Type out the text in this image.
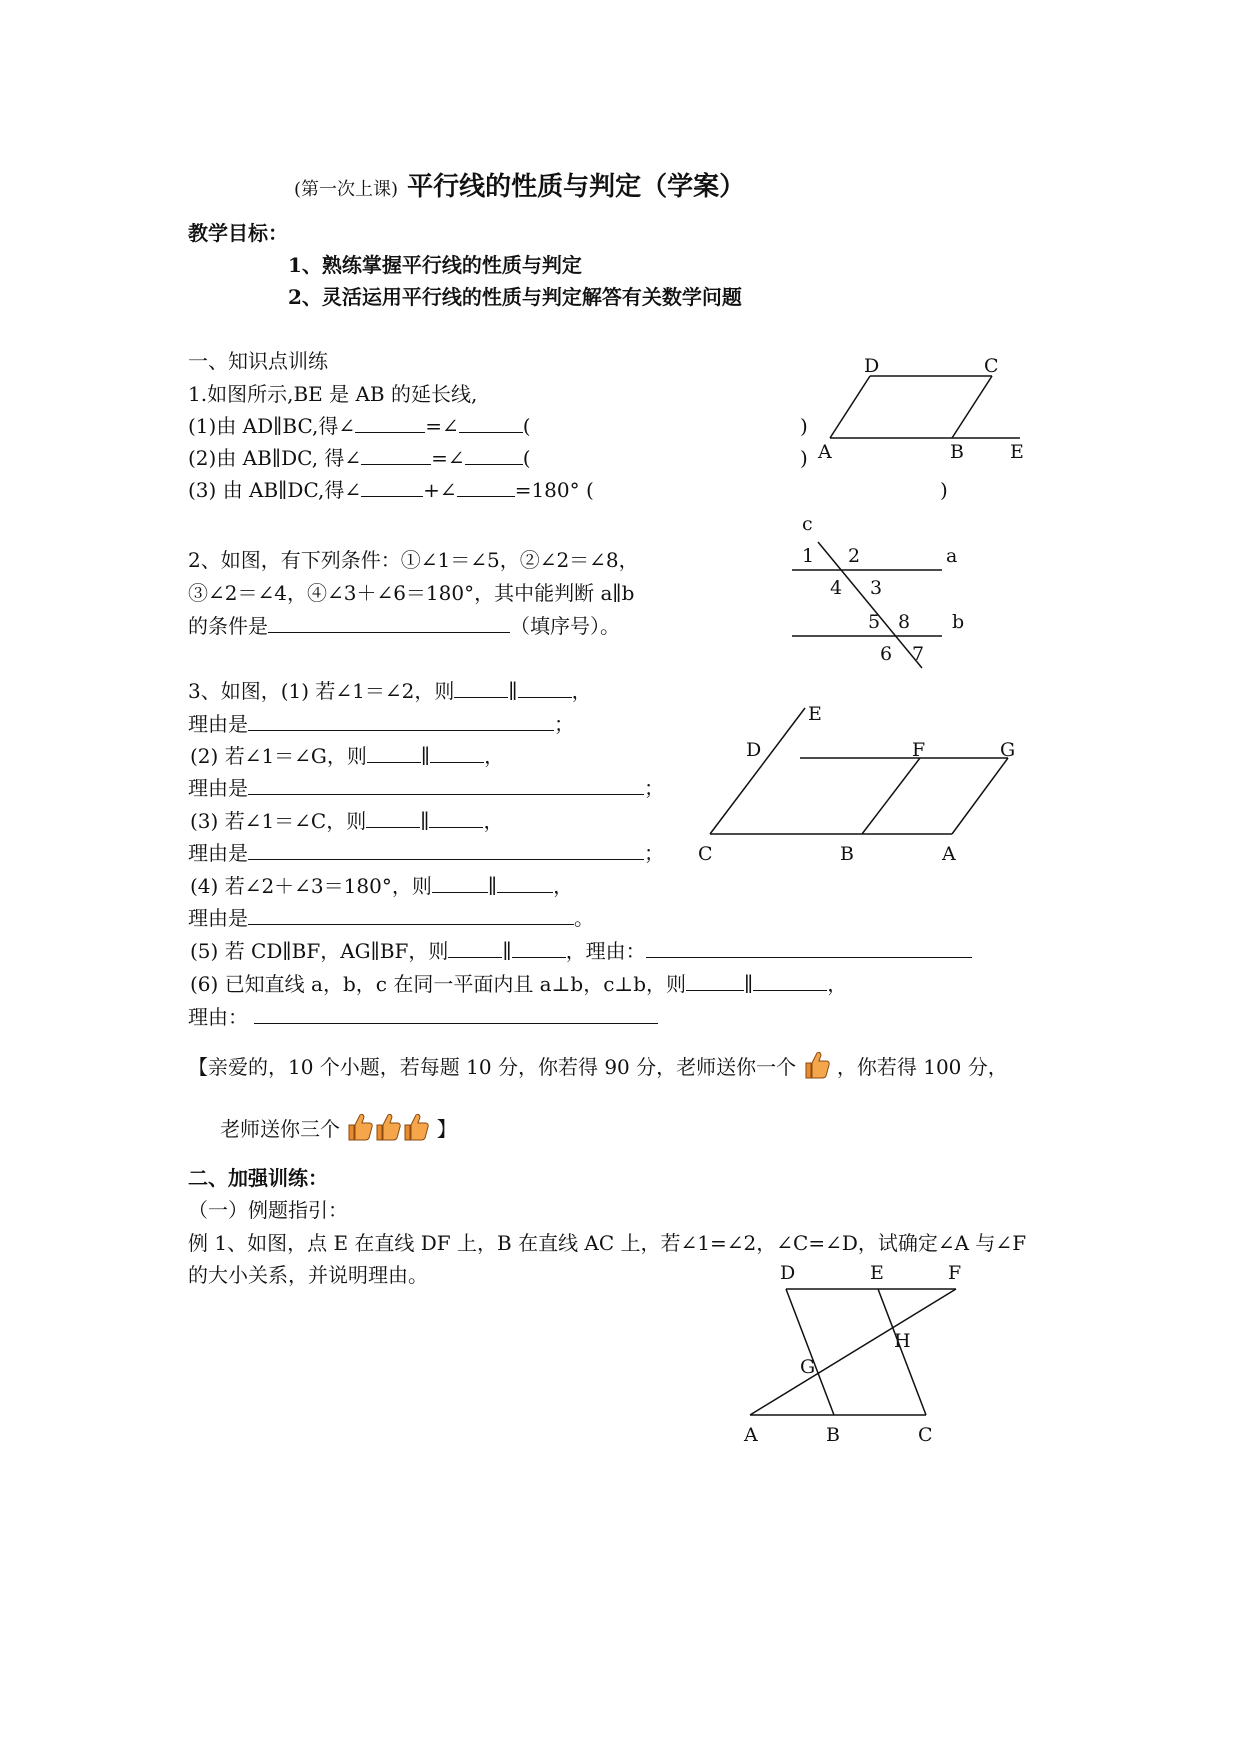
(第一次上课) 平行线的性质与判定（学案）
教学目标：
1、熟练掌握平行线的性质与判定
2、灵活运用平行线的性质与判定解答有关数学问题
一、知识点训练
1.如图所示,BE 是 AB 的延长线,
(1)由 AD∥BC,得∠	=∠	(	)
(2)由 AB∥DC, 得∠	=∠	(	)
(3) 由 AB∥DC,得∠	+∠	=180° (	)
D	C
A	B E
2、如图，有下列条件：①∠1＝∠5，②∠2＝∠8，
③∠2＝∠4，④∠3＋∠6＝180°，其中能判断 a∥b
的条件是	（填序号）。
c
a
b
1 2
4 3
5 8
6 7
3、如图，(1) 若∠1＝∠2，则	∥	，
理由是	；
(2) 若∠1＝∠G，则	∥	，
理由是	；
(3) 若∠1＝∠C，则	∥	，
理由是	；
(4) 若∠2＋∠3＝180°，则	∥	，
理由是	。
(5) 若 CD∥BF，AG∥BF，则	∥	，理由：
(6) 已知直线 a，b，c 在同一平面内且 a⊥b，c⊥b，则	∥	，
理由：
E
D	F	G
C	B	A
【亲爱的，10 个小题，若每题 10 分，你若得 90 分，老师送你一个 ，你若得 100 分，
老师送你三个	】
二、加强训练：
（一）例题指引：
例 1、如图，点 E 在直线 DF 上，B 在直线 AC 上，若∠1=∠2，∠C=∠D，试确定∠A 与∠F
的大小关系，并说明理由。	D	E	F
H
G
A	B	C
